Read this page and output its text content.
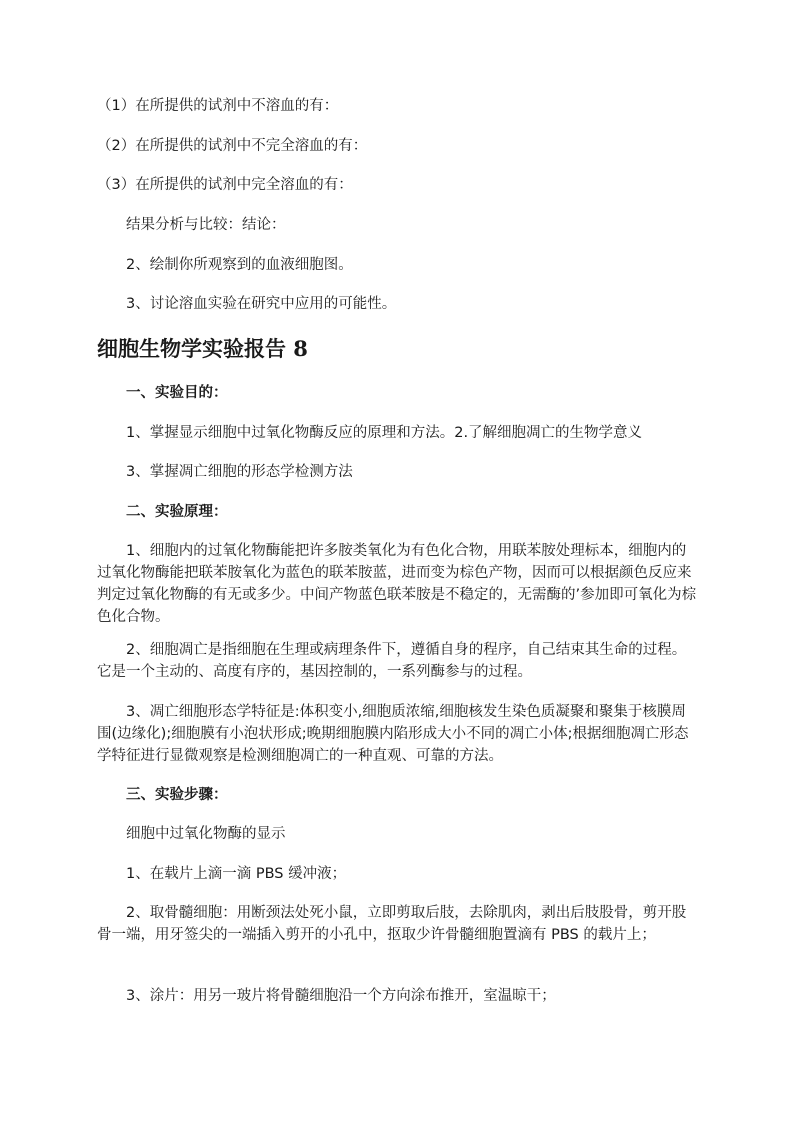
（1）在所提供的试剂中不溶血的有：

（2）在所提供的试剂中不完全溶血的有：

（3）在所提供的试剂中完全溶血的有：

结果分析与比较：结论：

2、绘制你所观察到的血液细胞图。

3、讨论溶血实验在研究中应用的可能性。

细胞生物学实验报告 8

一、实验目的：

1、掌握显示细胞中过氧化物酶反应的原理和方法。2.了解细胞凋亡的生物学意义

3、掌握凋亡细胞的形态学检测方法

二、实验原理：

1、细胞内的过氧化物酶能把许多胺类氧化为有色化合物，用联苯胺处理标本，细胞内的过氧化物酶能把联苯胺氧化为蓝色的联苯胺蓝，进而变为棕色产物，因而可以根据颜色反应来判定过氧化物酶的有无或多少。中间产物蓝色联苯胺是不稳定的，无需酶的’参加即可氧化为棕色化合物。

2、细胞凋亡是指细胞在生理或病理条件下，遵循自身的程序，自己结束其生命的过程。它是一个主动的、高度有序的，基因控制的，一系列酶参与的过程。

3、凋亡细胞形态学特征是:体积变小,细胞质浓缩,细胞核发生染色质凝聚和聚集于核膜周围(边缘化);细胞膜有小泡状形成;晚期细胞膜内陷形成大小不同的凋亡小体;根据细胞凋亡形态学特征进行显微观察是检测细胞凋亡的一种直观、可靠的方法。

三、实验步骤：

细胞中过氧化物酶的显示

1、在载片上滴一滴 PBS 缓冲液；

2、取骨髓细胞：用断颈法处死小鼠，立即剪取后肢，去除肌肉，剥出后肢股骨，剪开股骨一端，用牙签尖的一端插入剪开的小孔中，抠取少许骨髓细胞置滴有 PBS 的载片上；

3、涂片：用另一玻片将骨髓细胞沿一个方向涂布推开，室温晾干；
